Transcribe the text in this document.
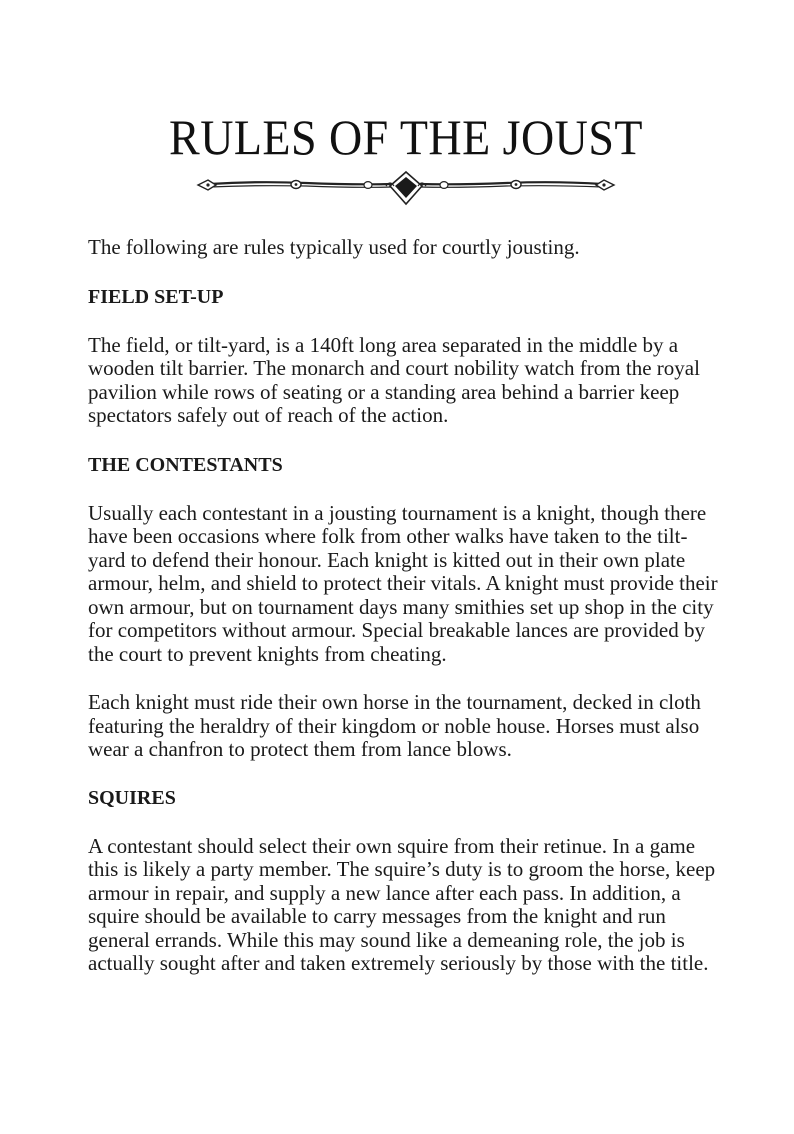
RULES OF THE JOUST

The following are rules typically used for courtly jousting.

FIELD SET-UP

The field, or tilt-yard, is a 140ft long area separated in the middle by a wooden tilt barrier. The monarch and court nobility watch from the royal pavilion while rows of seating or a standing area behind a barrier keep spectators safely out of reach of the action.

THE CONTESTANTS

Usually each contestant in a jousting tournament is a knight, though there have been occasions where folk from other walks have taken to the tilt-yard to defend their honour. Each knight is kitted out in their own plate armour, helm, and shield to protect their vitals. A knight must provide their own armour, but on tournament days many smithies set up shop in the city for competitors without armour. Special breakable lances are provided by the court to prevent knights from cheating.

Each knight must ride their own horse in the tournament, decked in cloth featuring the heraldry of their kingdom or noble house. Horses must also wear a chanfron to protect them from lance blows.

SQUIRES

A contestant should select their own squire from their retinue. In a game this is likely a party member. The squire’s duty is to groom the horse, keep armour in repair, and supply a new lance after each pass. In addition, a squire should be available to carry messages from the knight and run general errands. While this may sound like a demeaning role, the job is actually sought after and taken extremely seriously by those with the title.
